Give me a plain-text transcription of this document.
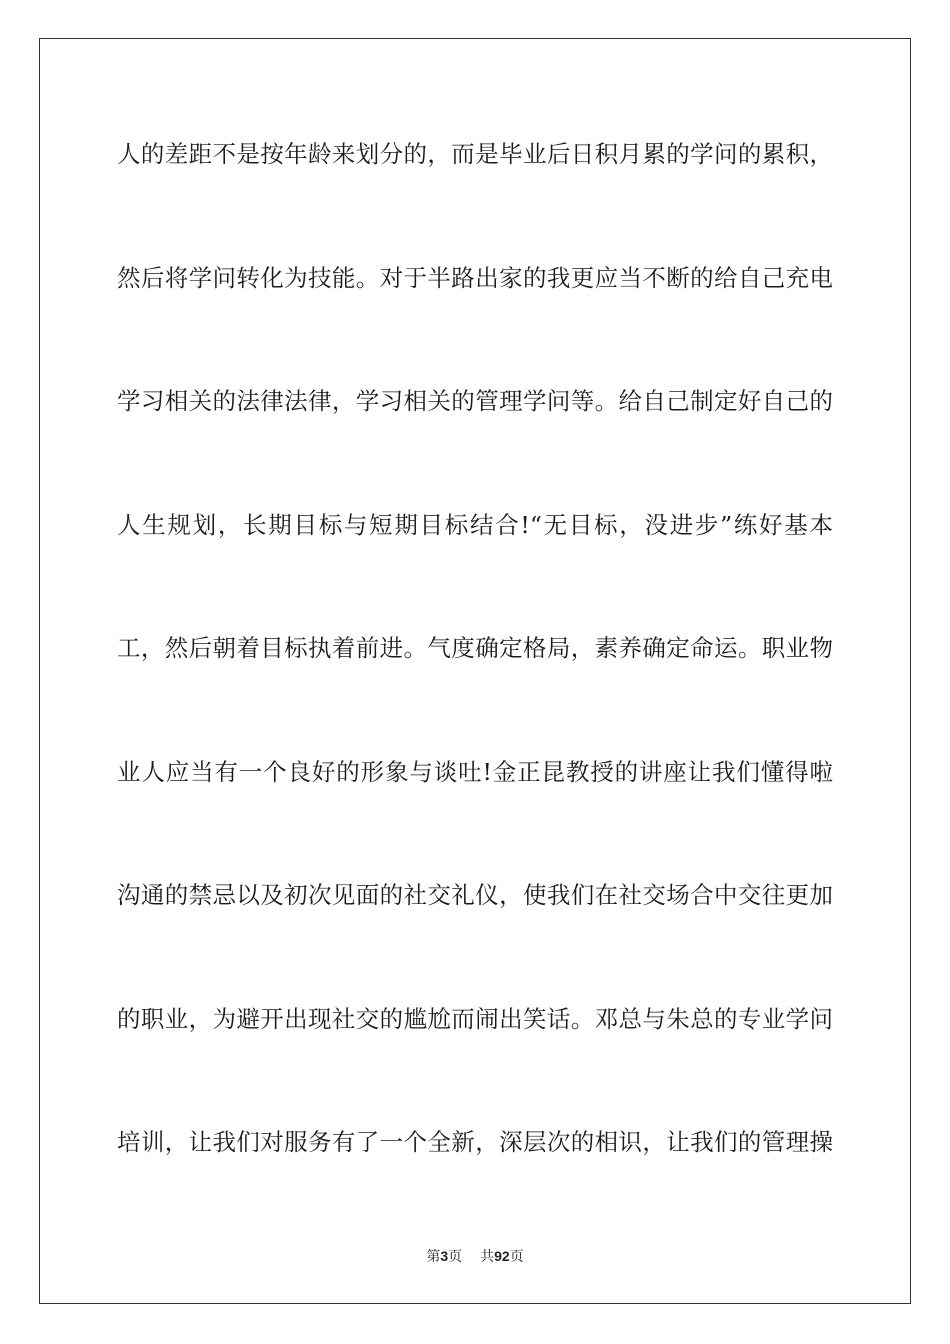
人的差距不是按年龄来划分的，而是毕业后日积月累的学问的累积，
然后将学问转化为技能。对于半路出家的我更应当不断的给自己充电
学习相关的法律法律，学习相关的管理学问等。给自己制定好自己的
人生规划，长期目标与短期目标结合!“无目标，没进步”练好基本
工，然后朝着目标执着前进。气度确定格局，素养确定命运。职业物
业人应当有一个良好的形象与谈吐!金正昆教授的讲座让我们懂得啦
沟通的禁忌以及初次见面的社交礼仪，使我们在社交场合中交往更加
的职业，为避开出现社交的尴尬而闹出笑话。邓总与朱总的专业学问
培训，让我们对服务有了一个全新，深层次的相识，让我们的管理操
第3页 共92页
